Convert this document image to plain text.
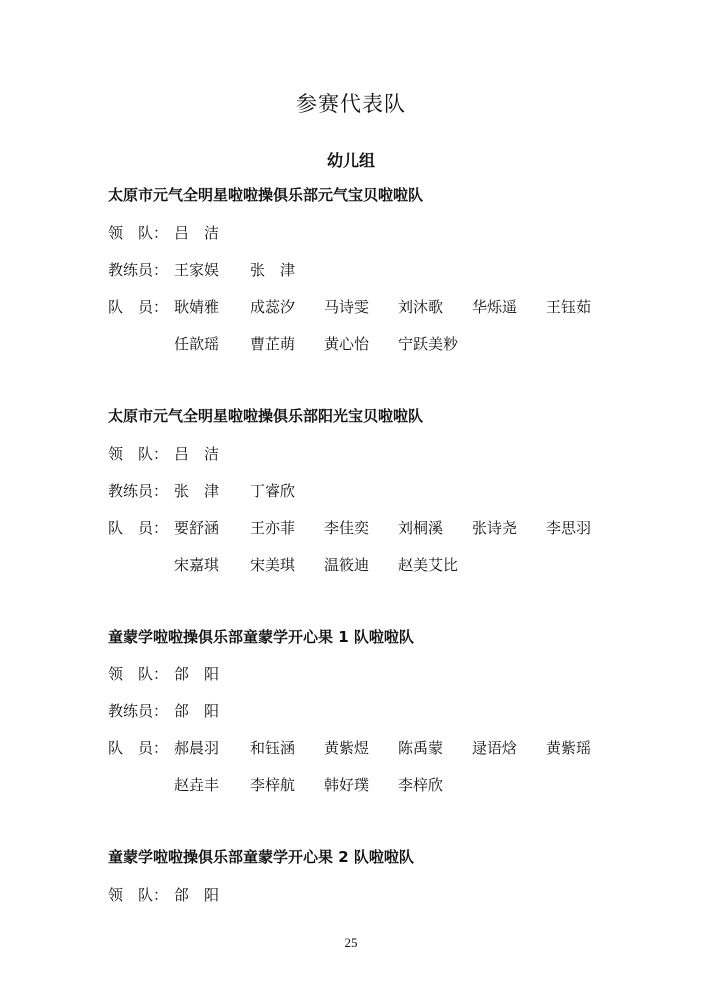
参赛代表队
幼儿组
太原市元气全明星啦啦操俱乐部元气宝贝啦啦队
领　队： 吕　洁
教练员： 王家娱 张　津
队　员： 耿婧雅 成蕊汐 马诗雯 刘沐歌 华烁遥 王钰茹
任歆瑶 曹芷萌 黄心怡 宁跃美粆
太原市元气全明星啦啦操俱乐部阳光宝贝啦啦队
领　队： 吕　洁
教练员： 张　津 丁睿欣
队　员： 要舒涵 王亦菲 李佳奕 刘桐溪 张诗尧 李思羽
宋嘉琪 宋美琪 温筱迪 赵美艾比
童蒙学啦啦操俱乐部童蒙学开心果 1 队啦啦队
领　队： 郃　阳
教练员： 郃　阳
队　员： 郝晨羽 和钰涵 黄紫煜 陈禹蒙 逯语焓 黄紫瑶
赵垚丰 李梓航 韩好璞 李梓欣
童蒙学啦啦操俱乐部童蒙学开心果 2 队啦啦队
领　队： 郃　阳
25
